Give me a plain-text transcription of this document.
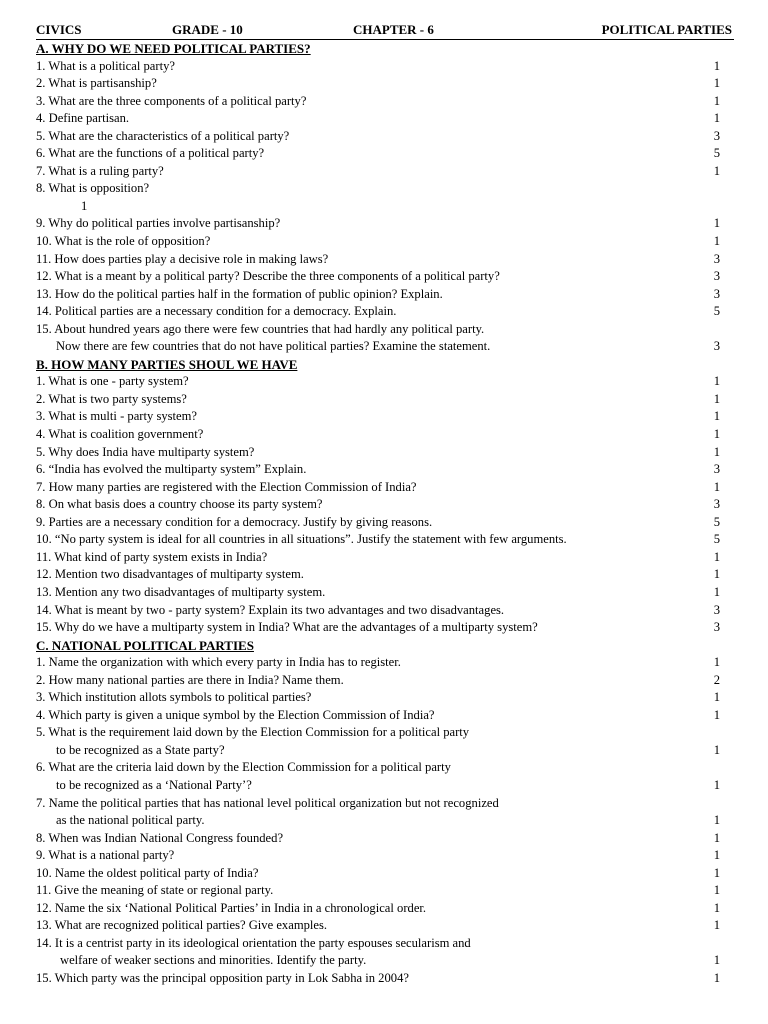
CIVICS	GRADE - 10	CHAPTER - 6	POLITICAL PARTIES
A. WHY DO WE NEED POLITICAL PARTIES?
1. What is a political party?	1
2. What is partisanship?	1
3. What are the three components of a political party?	1
4. Define partisan.	1
5. What are the characteristics of a political party?	3
6. What are the functions of a political party?	5
7. What is a ruling party?	1
8. What is opposition?
1
9. Why do political parties involve partisanship?	1
10. What is the role of opposition?	1
11. How does parties play a decisive role in making laws?	3
12. What is a meant by a political party? Describe the three components of a political party?	3
13. How do the political parties half in the formation of public opinion? Explain.	3
14. Political parties are a necessary condition for a democracy. Explain.	5
15. About hundred years ago there were few countries that had hardly any political party.
Now there are few countries that do not have political parties? Examine the statement.	3
B. HOW MANY PARTIES SHOUL WE HAVE
1. What is one - party system?	1
2. What is two party systems?	1
3. What is multi - party system?	1
4. What is coalition government?	1
5. Why does India have multiparty system?	1
6. “India has evolved the multiparty system” Explain.	3
7. How many parties are registered with the Election Commission of India?	1
8. On what basis does a country choose its party system?	3
9. Parties are a necessary condition for a democracy. Justify by giving reasons.	5
10. “No party system is ideal for all countries in all situations”. Justify the statement with few arguments.	5
11. What kind of party system exists in India?	1
12. Mention two disadvantages of multiparty system.	1
13. Mention any two disadvantages of multiparty system.	1
14. What is meant by two - party system? Explain its two advantages and two disadvantages.	3
15. Why do we have a multiparty system in India? What are the advantages of a multiparty system?	3
C. NATIONAL POLITICAL PARTIES
1. Name the organization with which every party in India has to register.	1
2. How many national parties are there in India? Name them.	2
3. Which institution allots symbols to political parties?	1
4. Which party is given a unique symbol by the Election Commission of India?	1
5. What is the requirement laid down by the Election Commission for a political party
to be recognized as a State party?	1
6. What are the criteria laid down by the Election Commission for a political party
to be recognized as a ‘National Party’?	1
7. Name the political parties that has national level political organization but not recognized
as the national political party.	1
8. When was Indian National Congress founded?	1
9. What is a national party?	1
10. Name the oldest political party of India?	1
11. Give the meaning of state or regional party.	1
12. Name the six ‘National Political Parties’ in India in a chronological order.	1
13. What are recognized political parties? Give examples.	1
14. It is a centrist party in its ideological orientation the party espouses secularism and
welfare of weaker sections and minorities. Identify the party.	1
15. Which party was the principal opposition party in Lok Sabha in 2004?	1
